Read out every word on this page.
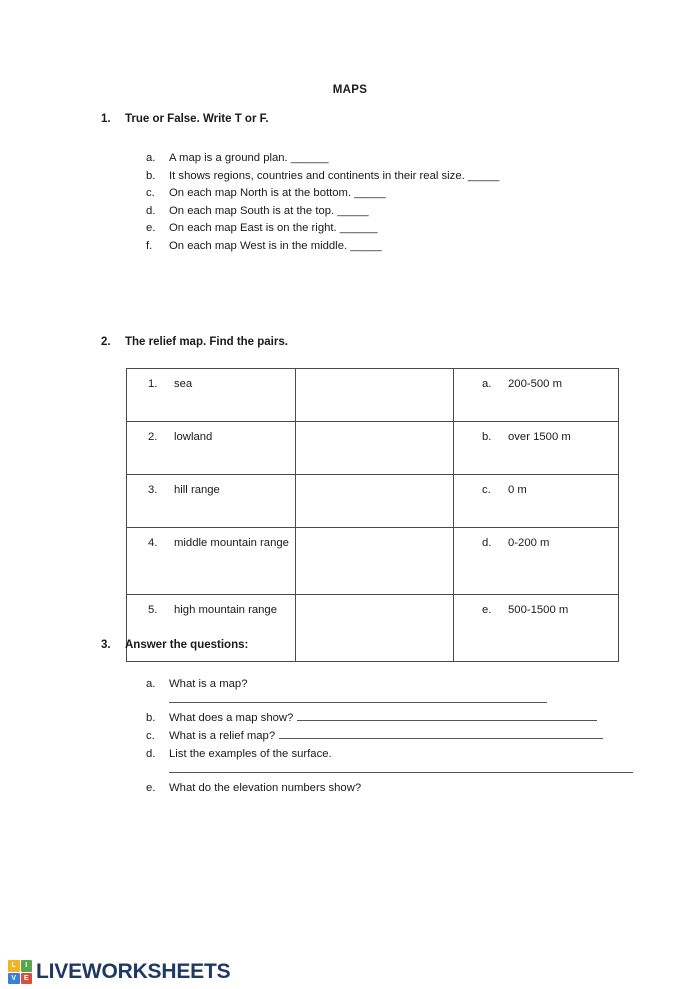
MAPS
1.	True or False. Write T or F.
a.	A map is a ground plan. ______
b.	It shows regions, countries and continents in their real size. _____
c.	On each map North is at the bottom. _____
d.	On each map South is at the top. _____
e.	On each map East is on the right. ______
f.	On each map West is in the middle. _____
2.	The relief map. Find the pairs.
1. sea		a. 200-500 m

2. lowland		b. over 1500 m

3. hill range		c. 0 m

4. middle mountain range		d. 0-200 m

5. high mountain range		e. 500-1500 m
3.	Answer the questions:
a.	What is a map?
b.	What does a map show?
c.	What is a relief map?
d.	List the examples of the surface.
e.	What do the elevation numbers show?
L	I
V	E LIVEWORKSHEETS
